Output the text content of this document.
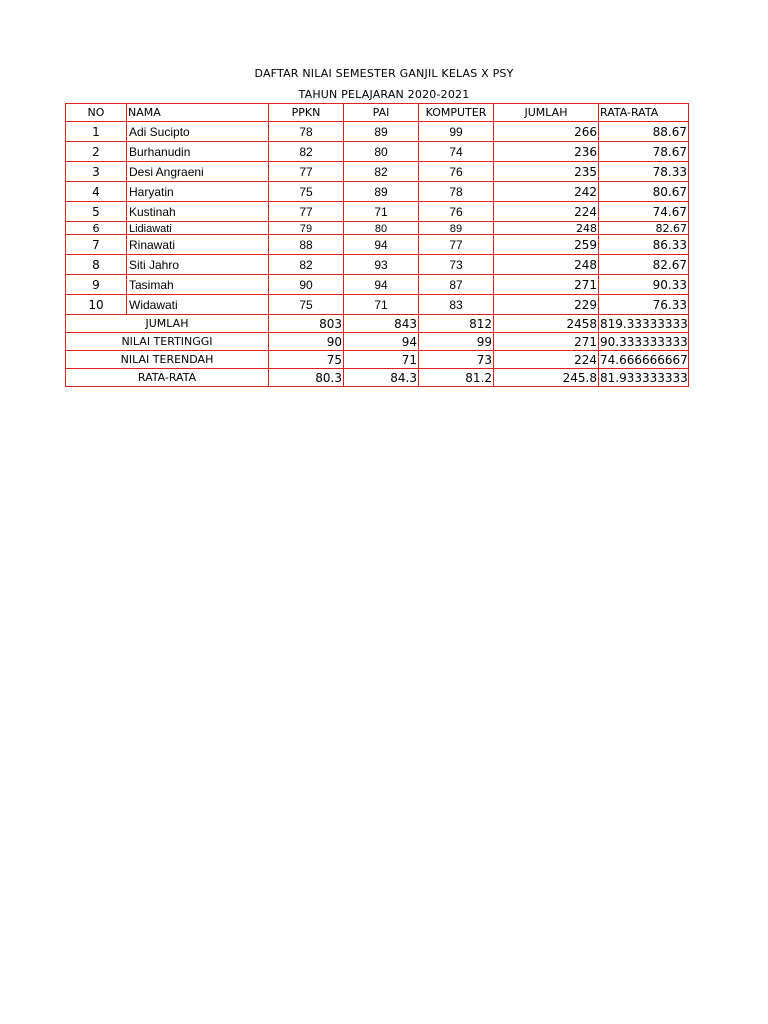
DAFTAR NILAI SEMESTER GANJIL KELAS X PSY
TAHUN PELAJARAN 2020-2021
NO	NAMA	PPKN	PAI	KOMPUTER	JUMLAH	RATA-RATA
1	Adi Sucipto	78	89	99	266	88.67
2	Burhanudin	82	80	74	236	78.67
3	Desi Angraeni	77	82	76	235	78.33
4	Haryatin	75	89	78	242	80.67
5	Kustinah	77	71	76	224	74.67
6	Lidiawati	79	80	89	248	82.67
7	Rinawati	88	94	77	259	86.33
8	Siti Jahro	82	93	73	248	82.67
9	Tasimah	90	94	87	271	90.33
10	Widawati	75	71	83	229	76.33
JUMLAH		803	843	812	2458	819.33333333
NILAI TERTINGGI		90	94	99	271	90.333333333
NILAI TERENDAH		75	71	73	224	74.666666667
RATA-RATA		80.3	84.3	81.2	245.8	81.933333333
